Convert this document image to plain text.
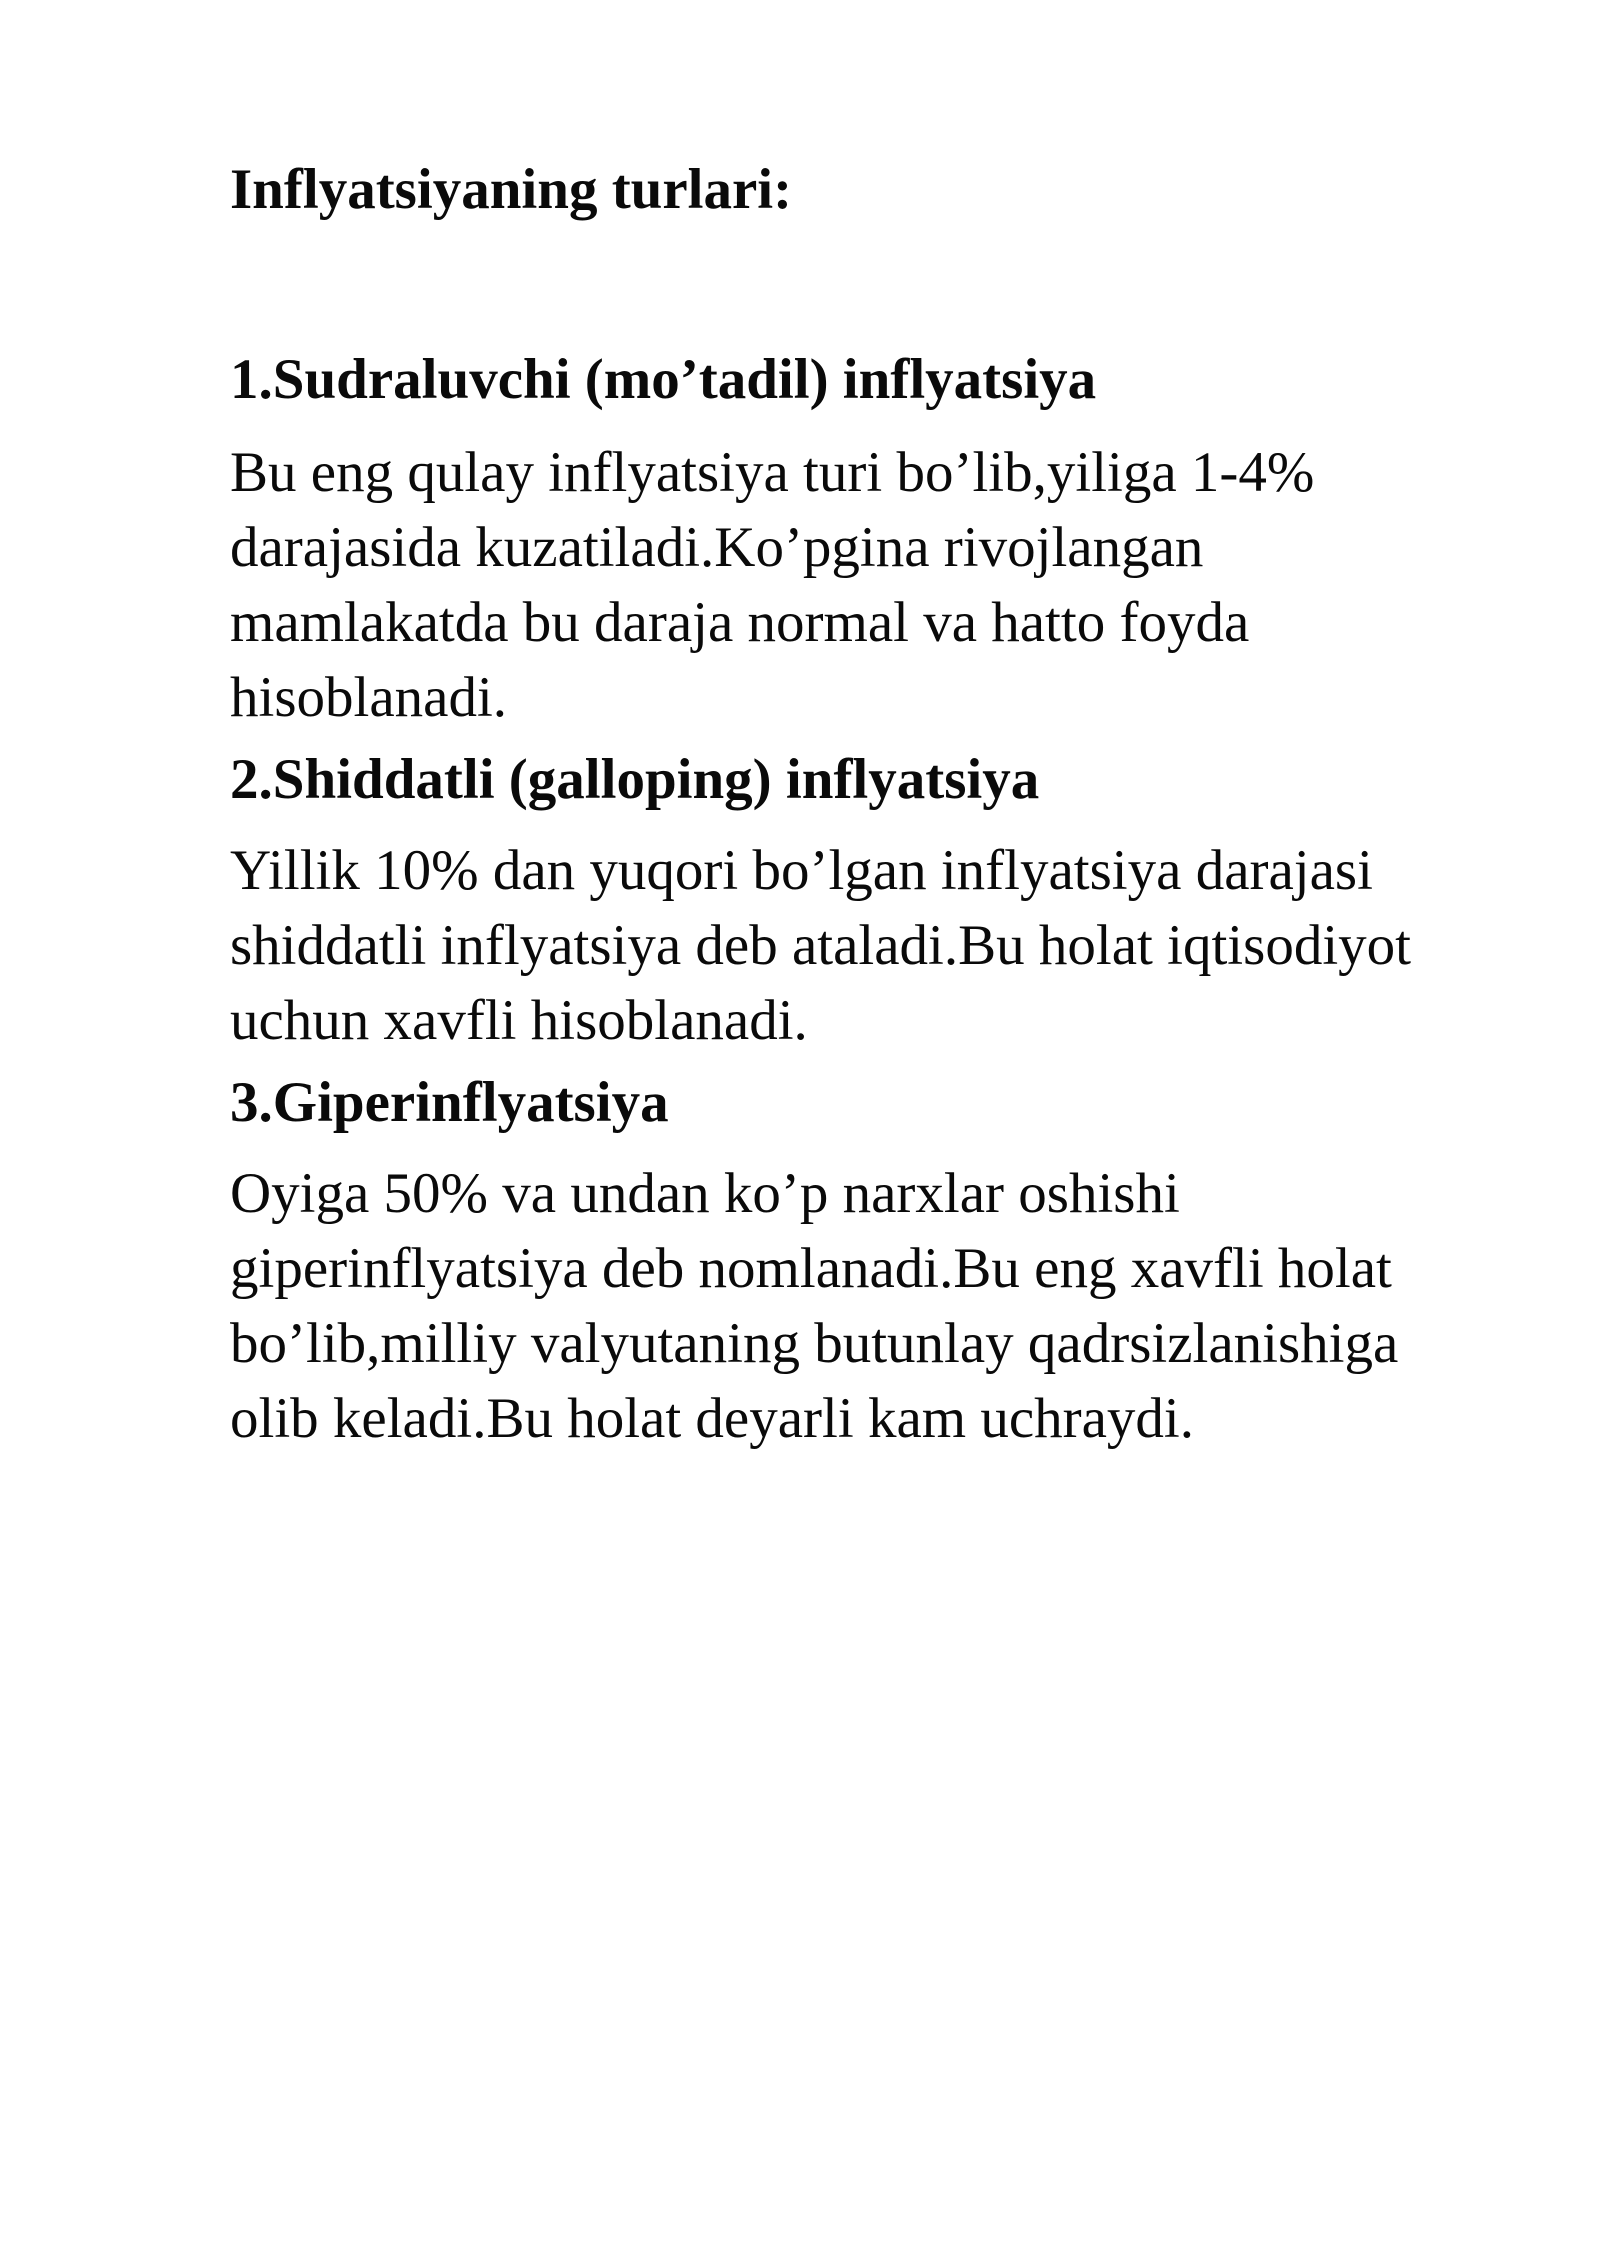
Inflyatsiyaning turlari:
1.Sudraluvchi (mo’tadil) inflyatsiya

Bu eng qulay inflyatsiya turi bo’lib,yiliga 1-4% darajasida kuzatiladi.Ko’pgina rivojlangan mamlakatda bu daraja normal va hatto foyda hisoblanadi.

2.Shiddatli (galloping) inflyatsiya

Yillik 10% dan yuqori bo’lgan inflyatsiya darajasi shiddatli inflyatsiya deb ataladi.Bu holat iqtisodiyot uchun xavfli hisoblanadi.

3.Giperinflyatsiya

Oyiga 50% va undan ko’p narxlar oshishi giperinflyatsiya deb nomlanadi.Bu eng xavfli holat bo’lib,milliy valyutaning butunlay qadrsizlanishiga olib keladi.Bu holat deyarli kam uchraydi.
